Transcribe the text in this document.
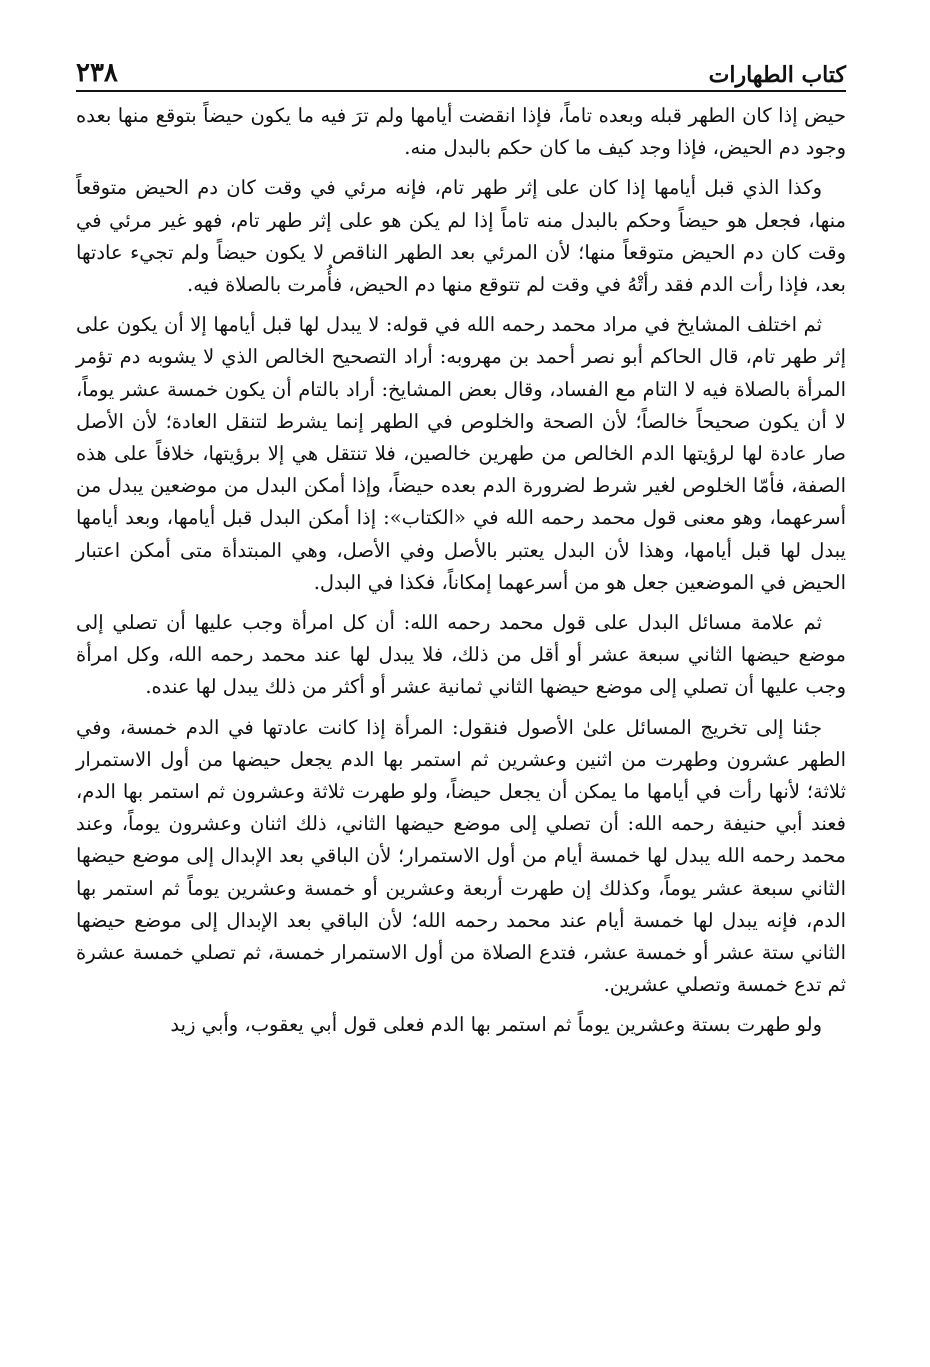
كتاب الطهارات
٢٣٨

حيض إذا كان الطهر قبله وبعده تاماً، فإذا انقضت أيامها ولم ترَ فيه ما يكون حيضاً بتوقع منها بعده وجود دم الحيض، فإذا وجد كيف ما كان حكم بالبدل منه.

وكذا الذي قبل أيامها إذا كان على إثر طهر تام، فإنه مرئي في وقت كان دم الحيض متوقعاً منها، فجعل هو حيضاً وحكم بالبدل منه تاماً إذا لم يكن هو على إثر طهر تام، فهو غير مرئي في وقت كان دم الحيض متوقعاً منها؛ لأن المرئي بعد الطهر الناقص لا يكون حيضاً ولم تجيء عادتها بعد، فإذا رأت الدم فقد رأتْهُ في وقت لم تتوقع منها دم الحيض، فأُمرت بالصلاة فيه.

ثم اختلف المشايخ في مراد محمد رحمه الله في قوله: لا يبدل لها قبل أيامها إلا أن يكون على إثر طهر تام، قال الحاكم أبو نصر أحمد بن مهروبه: أراد التصحيح الخالص الذي لا يشوبه دم تؤمر المرأة بالصلاة فيه لا التام مع الفساد، وقال بعض المشايخ: أراد بالتام أن يكون خمسة عشر يوماً، لا أن يكون صحيحاً خالصاً؛ لأن الصحة والخلوص في الطهر إنما يشرط لتنقل العادة؛ لأن الأصل صار عادة لها لرؤيتها الدم الخالص من طهرين خالصين، فلا تنتقل هي إلا برؤيتها، خلافاً على هذه الصفة، فأمّا الخلوص لغير شرط لضرورة الدم بعده حيضاً، وإذا أمكن البدل من موضعين يبدل من أسرعهما، وهو معنى قول محمد رحمه الله في «الكتاب»: إذا أمكن البدل قبل أيامها، وبعد أيامها يبدل لها قبل أيامها، وهذا لأن البدل يعتبر بالأصل وفي الأصل، وهي المبتدأة متى أمكن اعتبار الحيض في الموضعين جعل هو من أسرعهما إمكاناً، فكذا في البدل.

ثم علامة مسائل البدل على قول محمد رحمه الله: أن كل امرأة وجب عليها أن تصلي إلى موضع حيضها الثاني سبعة عشر أو أقل من ذلك، فلا يبدل لها عند محمد رحمه الله، وكل امرأة وجب عليها أن تصلي إلى موضع حيضها الثاني ثمانية عشر أو أكثر من ذلك يبدل لها عنده.

جئنا إلى تخريج المسائل علىٰ الأصول فنقول: المرأة إذا كانت عادتها في الدم خمسة، وفي الطهر عشرون وطهرت من اثنين وعشرين ثم استمر بها الدم يجعل حيضها من أول الاستمرار ثلاثة؛ لأنها رأت في أيامها ما يمكن أن يجعل حيضاً، ولو طهرت ثلاثة وعشرون ثم استمر بها الدم، فعند أبي حنيفة رحمه الله: أن تصلي إلى موضع حيضها الثاني، ذلك اثنان وعشرون يوماً، وعند محمد رحمه الله يبدل لها خمسة أيام من أول الاستمرار؛ لأن الباقي بعد الإبدال إلى موضع حيضها الثاني سبعة عشر يوماً، وكذلك إن طهرت أربعة وعشرين أو خمسة وعشرين يوماً ثم استمر بها الدم، فإنه يبدل لها خمسة أيام عند محمد رحمه الله؛ لأن الباقي بعد الإبدال إلى موضع حيضها الثاني ستة عشر أو خمسة عشر، فتدع الصلاة من أول الاستمرار خمسة، ثم تصلي خمسة عشرة ثم تدع خمسة وتصلي عشرين.

ولو طهرت بستة وعشرين يوماً ثم استمر بها الدم فعلى قول أبي يعقوب، وأبي زيد
